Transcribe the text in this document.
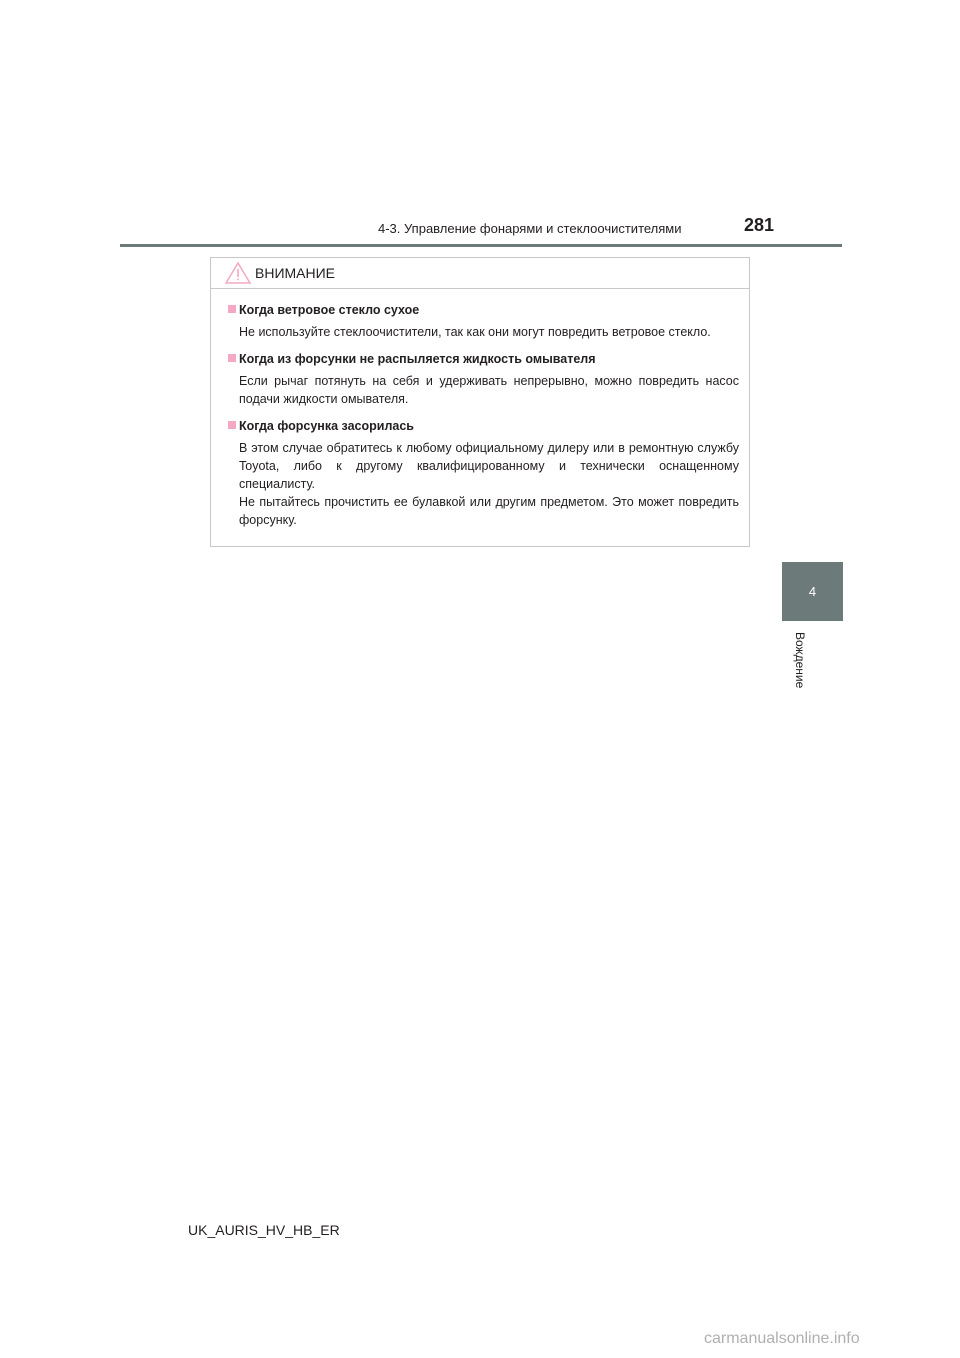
4-3. Управление фонарями и стеклоочистителями	281
4
Вождение
ВНИМАНИЕ
Когда ветровое стекло сухое

Не используйте стеклоочистители, так как они могут повредить ветровое стекло.

Когда из форсунки не распыляется жидкость омывателя

Если рычаг потянуть на себя и удерживать непрерывно, можно повредить насос подачи жидкости омывателя.

Когда форсунка засорилась

В этом случае обратитесь к любому официальному дилеру или в ремонтную службу Toyota, либо к другому квалифицированному и технически оснащенному специалисту.

Не пытайтесь прочистить ее булавкой или другим предметом. Это может повредить форсунку.

UK_AURIS_HV_HB_ER
carmanualsonline.info
